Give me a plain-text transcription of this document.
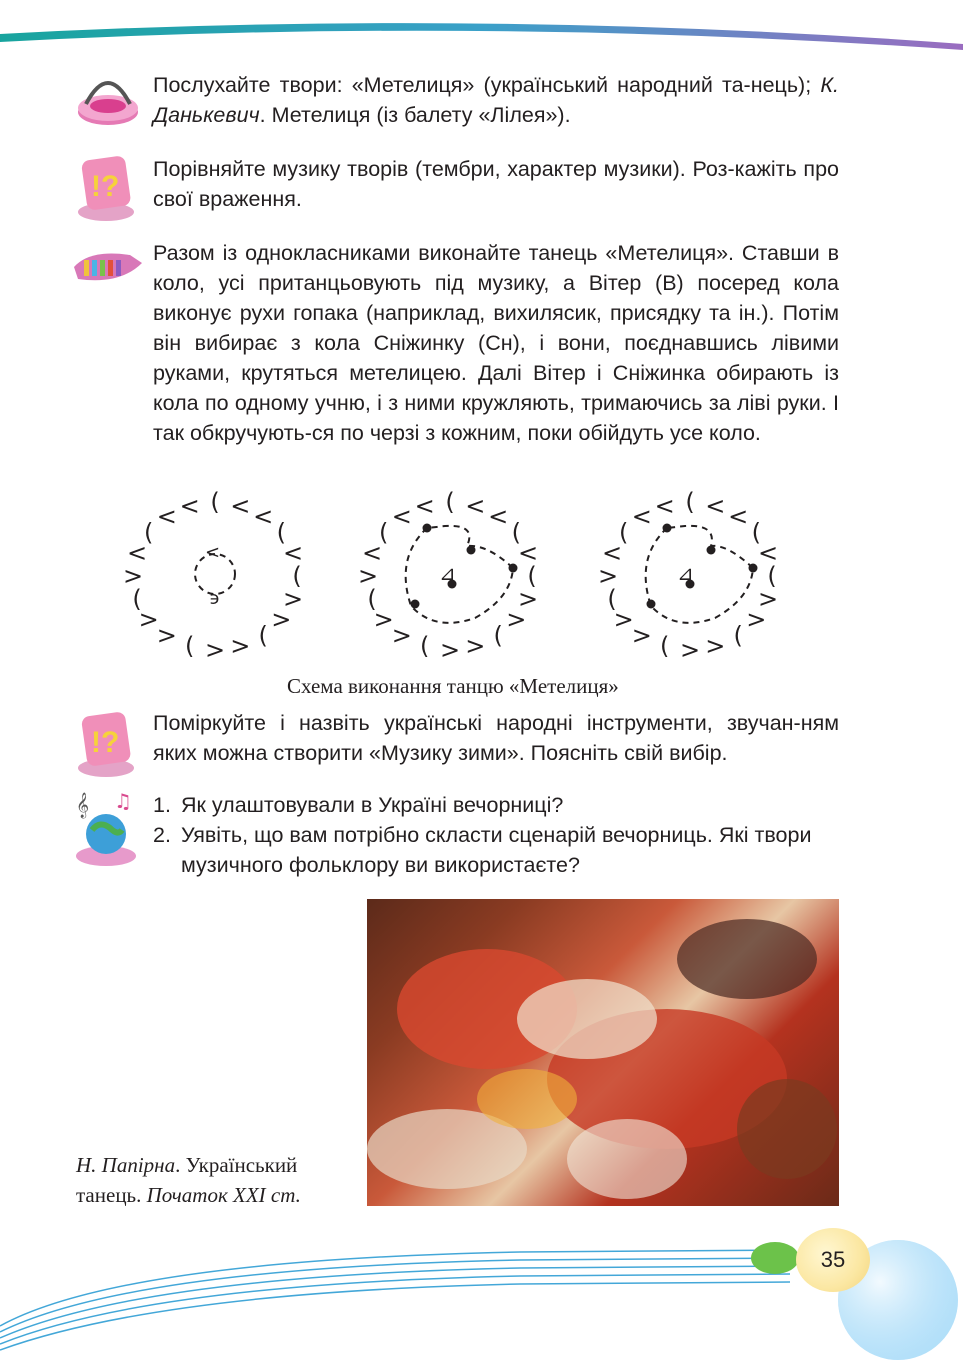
Послухайте твори: «Метелиця» (український народний та-нець); К. Данькевич. Метелиця (із балету «Лілея»).
!?
Порівняйте музику творів (тембри, характер музики). Роз-кажіть про свої враження.
Разом із однокласниками виконайте танець «Метелиця». Ставши в коло, усі пританцьовують під музику, а Вітер (В) посеред кола виконує рухи гопака (наприклад, вихилясик, присядку та ін.). Потім він вибирає з кола Сніжинку (Сн), і вони, поєднавшись лівими руками, крутяться метелицею. Далі Вітер і Сніжинка обирають із кола по одному учню, і з ними кружляють, тримаючись за ліві руки. І так обкручують-ся по черзі з кожним, поки обійдуть усе коло.
(
>
>
(
>
>
(
>
>
(
>
<
(
< < ( < <
(
<
<
϶
(
>
>
(
>
>
(
>
>
(
>
<
(
< < ( < <
(
<
⊿	(
>
>
(
>
>
(
>
>
(
>
<
(
< < ( < <
(
<
⊿
Схема виконання танцю «Метелиця»
!?
Поміркуйте і назвіть українські народні інструменти, звучан-ням яких можна створити «Музику зими». Поясніть свій вибір.
𝄞 ♫ 1. Як улаштовували в Україні вечорниці?
2. Уявіть, що вам потрібно скласти сценарій вечорниць. Які твори музичного фольклору ви використаєте?
Н. Папірна. Український танець. Початок XXI ст.
35
